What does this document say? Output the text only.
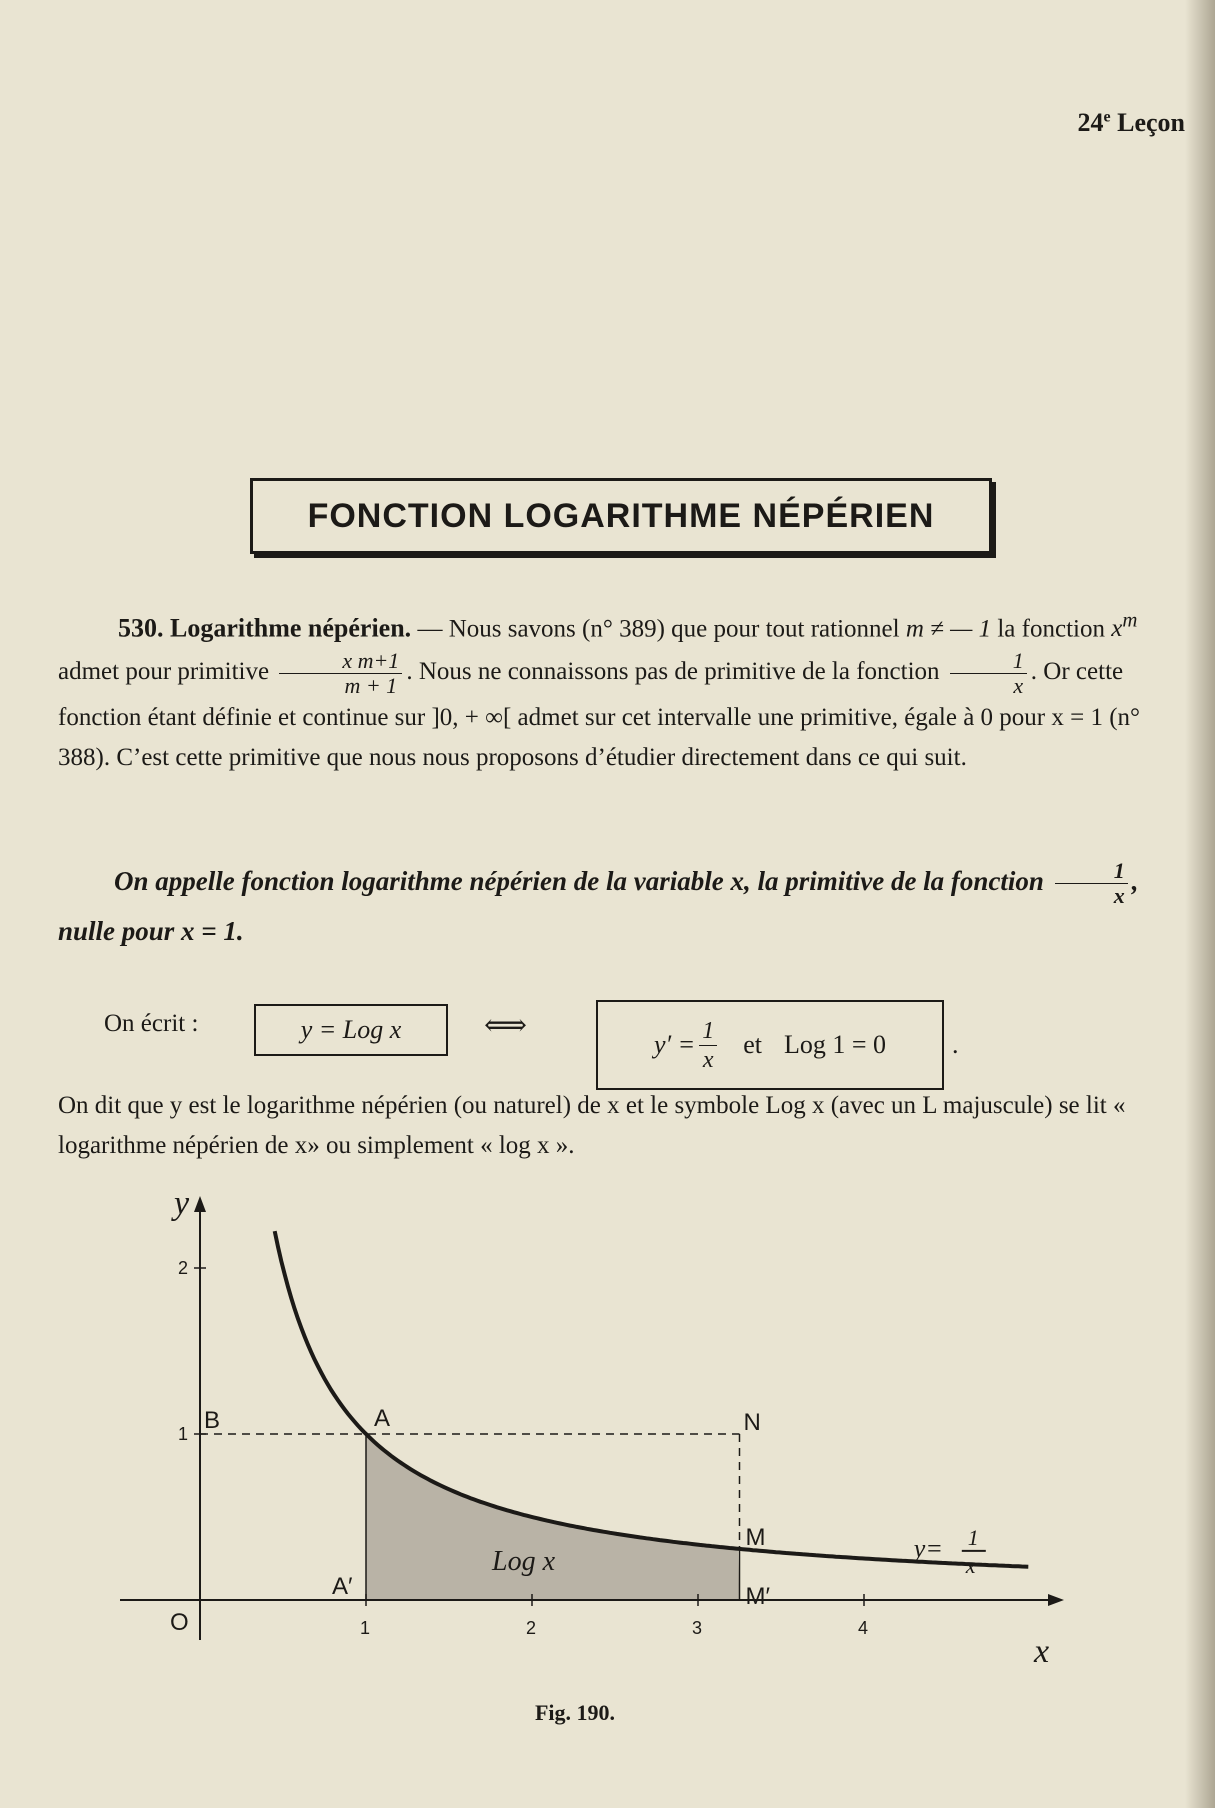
24e Leçon
FONCTION LOGARITHME NÉPÉRIEN
530. Logarithme népérien. — Nous savons (n° 389) que pour tout rationnel m ≠ — 1 la fonction $x^m$ admet pour primitive $\frac{\text{x m+1}}{m + 1}$ . Nous ne connaissons pas de primitive de la fonction $\frac{1}{x}$ . Or cette fonction étant définie et continue sur ]0, + ∞[ admet sur cet intervalle une primitive, égale à 0 pour x = 1 (n° 388). C’est cette primitive que nous nous proposons d’étudier directement dans ce qui suit.
On appelle fonction logarithme népérien de la variable x, la primitive de la fonction $\frac{1}{x}$ , nulle pour x = 1.
On écrit :	y = Log x	⟺
$y' = \frac{1}{x}$ et Log 1 = 0	.
On dit que y est le logarithme népérien (ou naturel) de x et le symbole Log x (avec un L majuscule) se lit « logarithme népérien de x» ou simplement « log x ».
1	2	3	4
1
2
O
B	A	N
M
A′	M′
y
x
Log x	y= 1
x
Fig. 190.
